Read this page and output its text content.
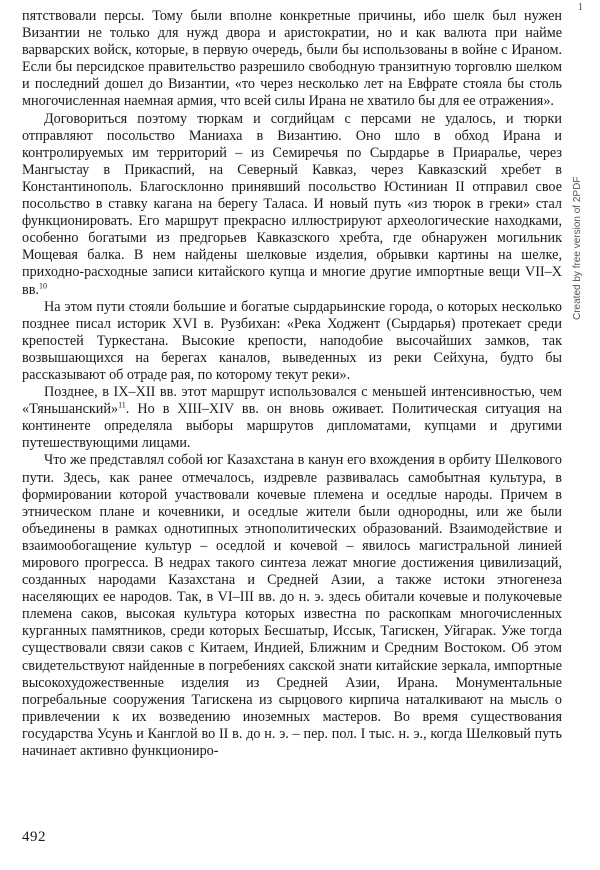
1

пятствовали персы. Тому были вполне конкретные причины, ибо шелк был нужен Византии не только для нужд двора и аристократии, но и как валюта при найме варварских войск, которые, в первую очередь, были бы использованы в войне с Ираном. Если бы персидское правительство разрешило свободную транзитную торговлю шелком и последний дошел до Византии, «то через несколько лет на Евфрате стояла бы столь многочисленная наемная армия, что всей силы Ирана не хватило бы для ее отражения».

Договориться поэтому тюркам и согдийцам с персами не удалось, и тюрки отправляют посольство Маниаха в Византию. Оно шло в обход Ирана и контролируемых им территорий – из Семиречья по Сырдарье в Приаралье, через Мангыстау в Прикаспий, на Северный Кавказ, через Кавказский хребет в Константинополь. Благосклонно принявший посольство Юстиниан II отправил свое посольство в ставку кагана на берегу Таласа. И новый путь «из тюрок в греки» стал функционировать. Его маршрут прекрасно иллюстрируют археологические находками, особенно богатыми из предгорьев Кавказского хребта, где обнаружен могильник Мощевая балка. В нем найдены шелковые изделия, обрывки картины на шелке, приходно-расходные записи китайского купца и многие другие импортные вещи VII–X вв.$^{10}$

На этом пути стояли большие и богатые сырдарьинские города, о которых несколько позднее писал историк XVI в. Рузбихан: «Река Ходжент (Сырдарья) протекает среди крепостей Туркестана. Высокие крепости, наподобие высочайших замков, так возвышающихся на берегах каналов, выведенных из реки Сейхуна, будто бы рассказывают об отраде рая, по которому текут реки».

Позднее, в IX–XII вв. этот маршрут использовался с меньшей интенсивностью, чем «Тяньшанский»$^{11}$. Но в XIII–XIV вв. он вновь оживает. Политическая ситуация на континенте определяла выборы маршрутов дипломатами, купцами и другими путешествующими лицами.

Что же представлял собой юг Казахстана в канун его вхождения в орбиту Шелкового пути. Здесь, как ранее отмечалось, издревле развивалась самобытная культура, в формировании которой участвовали кочевые племена и оседлые народы. Причем в этническом плане и кочевники, и оседлые жители были однородны, или же были объединены в рамках однотипных этнополитических образований. Взаимодействие и взаимообогащение культур – оседлой и кочевой – явилось магистральной линией мирового прогресса. В недрах такого синтеза лежат многие достижения цивилизаций, созданных народами Казахстана и Средней Азии, а также истоки этногенеза населяющих ее народов. Так, в VI–III вв. до н. э. здесь обитали кочевые и полукочевые племена саков, высокая культура которых известна по раскопкам многочисленных курганных памятников, среди которых Бесшатыр, Иссык, Тагискен, Уйгарак. Уже тогда существовали связи саков с Китаем, Индией, Ближним и Средним Востоком. Об этом свидетельствуют найденные в погребениях сакской знати китайские зеркала, импортные высокохудожественные изделия из Средней Азии, Ирана. Монументальные погребальные сооружения Тагискена из сырцового кирпича наталкивают на мысль о привлечении к их возведению иноземных мастеров. Во время существования государства Усунь и Канглой во II в. до н. э. – пер. пол. I тыс. н. э., когда Шелковый путь начинает активно функциониро-

492
Created by free version of 2PDF
